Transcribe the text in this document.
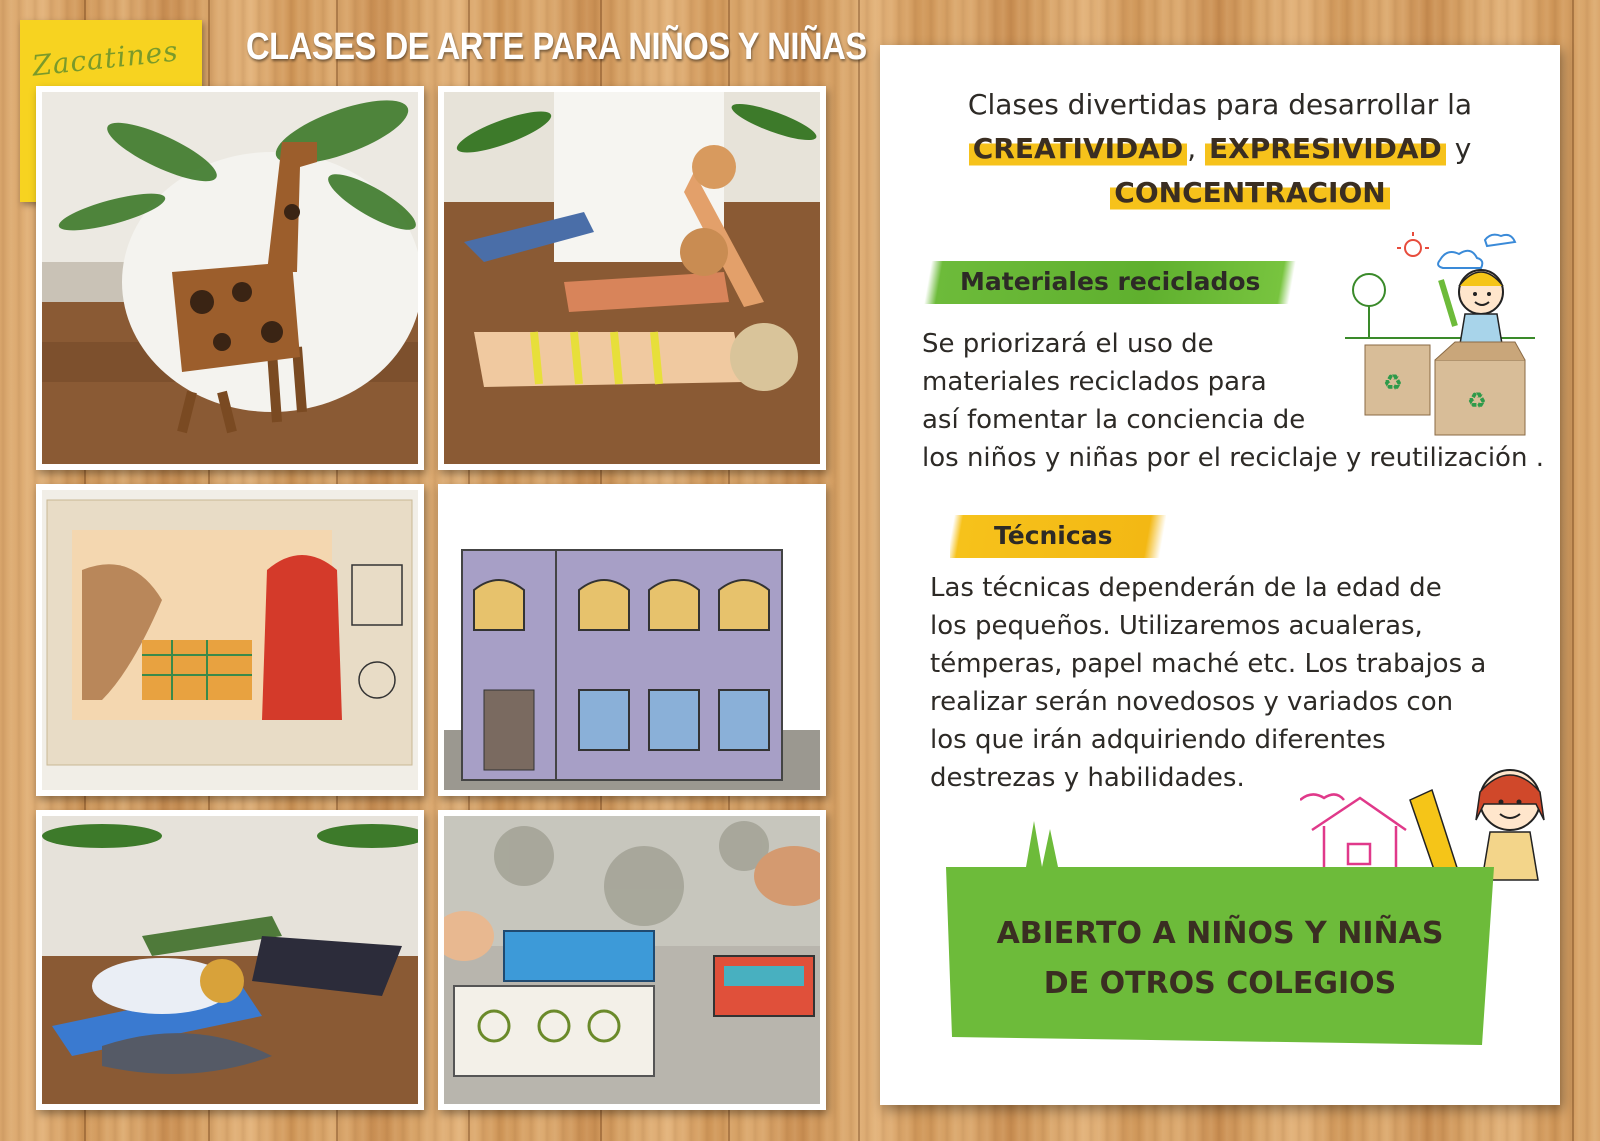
Zacatines CLASES DE ARTE PARA NIÑOS Y NIÑAS
Clases divertidas para desarrollar la
CREATIVIDAD , EXPRESIVIDAD y
CONCENTRACION
Materiales reciclados
Se priorizará el uso de
materiales reciclados para
así fomentar la conciencia de
los niños y niñas por el reciclaje y reutilización .
♻
♻
Técnicas
Las técnicas dependerán de la edad de
los pequeños. Utilizaremos acualeras,
témperas, papel maché etc. Los trabajos a
realizar serán novedosos y variados con
los que irán adquiriendo diferentes
destrezas y habilidades.
ABIERTO A NIÑOS Y NIÑAS
DE OTROS COLEGIOS
